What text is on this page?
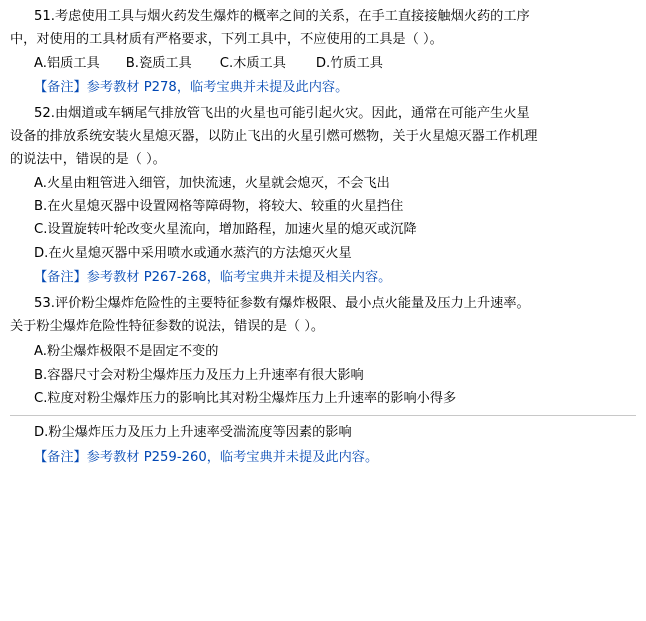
51.考虑使用工具与烟火药发生爆炸的概率之间的关系，在手工直接接触烟火药的工序

中，对使用的工具材质有严格要求，下列工具中，不应使用的工具是（ ）。

A.铝质工具 B.瓷质工具 C.木质工具 D.竹质工具

【备注】参考教材 P278，临考宝典并未提及此内容。

52.由烟道或车辆尾气排放管飞出的火星也可能引起火灾。因此，通常在可能产生火星

设备的排放系统安装火星熄灭器，以防止飞出的火星引燃可燃物，关于火星熄灭器工作机理

的说法中，错误的是（ ）。

A.火星由粗管进入细管，加快流速，火星就会熄灭，不会飞出

B.在火星熄灭器中设置网格等障碍物，将较大、较重的火星挡住

C.设置旋转叶轮改变火星流向，增加路程，加速火星的熄灭或沉降

D.在火星熄灭器中采用喷水或通水蒸汽的方法熄灭火星

【备注】参考教材 P267-268，临考宝典并未提及相关内容。

53.评价粉尘爆炸危险性的主要特征参数有爆炸极限、最小点火能量及压力上升速率。

关于粉尘爆炸危险性特征参数的说法，错误的是（ ）。

A.粉尘爆炸极限不是固定不变的

B.容器尺寸会对粉尘爆炸压力及压力上升速率有很大影响

C.粒度对粉尘爆炸压力的影响比其对粉尘爆炸压力上升速率的影响小得多

D.粉尘爆炸压力及压力上升速率受湍流度等因素的影响

【备注】参考教材 P259-260，临考宝典并未提及此内容。
